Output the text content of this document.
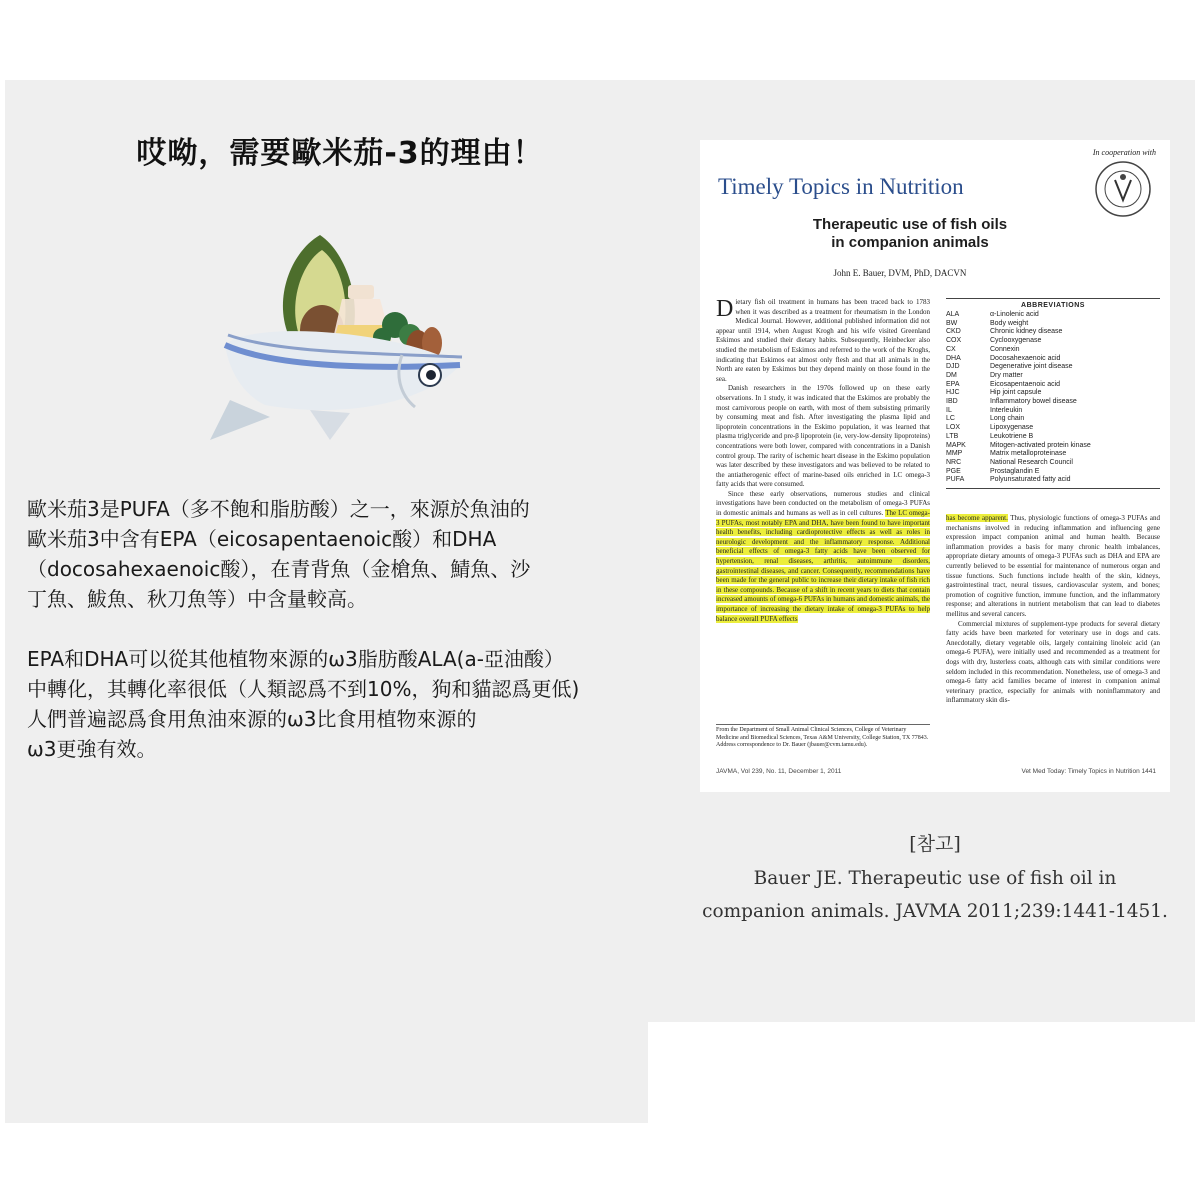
哎呦，需要歐米茄-3的理由！

歐米茄3是PUFA（多不飽和脂肪酸）之一，來源於魚油的

歐米茄3中含有EPA（eicosapentaenoic酸）和DHA

（docosahexaenoic酸），在青背魚（金槍魚、鯖魚、沙

丁魚、鮁魚、秋刀魚等）中含量較高。

EPA和DHA可以從其他植物來源的ω3脂肪酸ALA(a-亞油酸）

中轉化，其轉化率很低（人類認爲不到10%，狗和貓認爲更低)

人們普遍認爲食用魚油來源的ω3比食用植物來源的

ω3更強有效。

In cooperation with
Timely Topics in Nutrition
Therapeutic use of fish oils
in companion animals
John E. Bauer, DVM, PhD, DACVN

Dietary fish oil treatment in humans has been traced back to 1783 when it was described as a treatment for rheumatism in the London Medical Journal. However, additional published information did not appear until 1914, when August Krogh and his wife visited Greenland Eskimos and studied their dietary habits. Subsequently, Heinbecker also studied the metabolism of Eskimos and referred to the work of the Kroghs, indicating that Eskimos eat almost only flesh and that all animals in the North are eaten by Eskimos but they depend mainly on those found in the sea.

Danish researchers in the 1970s followed up on these early observations. In 1 study, it was indicated that the Eskimos are probably the most carnivorous people on earth, with most of them subsisting primarily by consuming meat and fish. After investigating the plasma lipid and lipoprotein concentrations in the Eskimo population, it was learned that plasma triglyceride and pre-β lipoprotein (ie, very-low-density lipoproteins) concentrations were both lower, compared with concentrations in a Danish control group. The rarity of ischemic heart disease in the Eskimo population was later described by these investigators and was believed to be related to the antiatherogenic effect of marine-based oils enriched in LC omega-3 fatty acids that were consumed.

Since these early observations, numerous studies and clinical investigations have been conducted on the metabolism of omega-3 PUFAs in domestic animals and humans as well as in cell cultures. The LC omega-3 PUFAs, most notably EPA and DHA, have been found to have important health benefits, including cardioprotective effects as well as roles in neurologic development and the inflammatory response. Additional beneficial effects of omega-3 fatty acids have been observed for hypertension, renal diseases, arthritis, autoimmune disorders, gastrointestinal diseases, and cancer. Consequently, recommendations have been made for the general public to increase their dietary intake of fish rich in these compounds. Because of a shift in recent years to diets that contain increased amounts of omega-6 PUFAs in humans and domestic animals, the importance of increasing the dietary intake of omega-3 PUFAs to help balance overall PUFA effects

ABBREVIATIONS
ALA	α-Linolenic acid
BW	Body weight
CKD	Chronic kidney disease
COX	Cyclooxygenase
CX	Connexin
DHA	Docosahexaenoic acid
DJD	Degenerative joint disease
DM	Dry matter
EPA	Eicosapentaenoic acid
HJC	Hip joint capsule
IBD	Inflammatory bowel disease
IL	Interleukin
LC	Long chain
LOX	Lipoxygenase
LTB	Leukotriene B
MAPK	Mitogen-activated protein kinase
MMP	Matrix metalloproteinase
NRC	National Research Council
PGE	Prostaglandin E
PUFA	Polyunsaturated fatty acid

has become apparent. Thus, physiologic functions of omega-3 PUFAs and mechanisms involved in reducing inflammation and influencing gene expression impact companion animal and human health. Because inflammation provides a basis for many chronic health imbalances, appropriate dietary amounts of omega-3 PUFAs such as DHA and EPA are currently believed to be essential for maintenance of numerous organ and tissue functions. Such functions include health of the skin, kidneys, gastrointestinal tract, neural tissues, cardiovascular system, and bones; promotion of cognitive function, immune function, and the inflammatory response; and alterations in nutrient metabolism that can lead to diabetes mellitus and several cancers.

Commercial mixtures of supplement-type products for several dietary fatty acids have been marketed for veterinary use in dogs and cats. Anecdotally, dietary vegetable oils, largely containing linoleic acid (an omega-6 PUFA), were initially used and recommended as a treatment for dogs with dry, lusterless coats, although cats with similar conditions were seldom included in this recommendation. Nonetheless, use of omega-3 and omega-6 fatty acid families became of interest in companion animal veterinary practice, especially for animals with noninflammatory and inflammatory skin dis-

From the Department of Small Animal Clinical Sciences, College of Veterinary Medicine and Biomedical Sciences, Texas A&M University, College Station, TX 77843. Address correspondence to Dr. Bauer (jbauer@cvm.tamu.edu).
JAVMA, Vol 239, No. 11, December 1, 2011	Vet Med Today: Timely Topics in Nutrition 1441
[참고]
Bauer JE. Therapeutic use of fish oil in
companion animals. JAVMA 2011;239:1441-1451.
